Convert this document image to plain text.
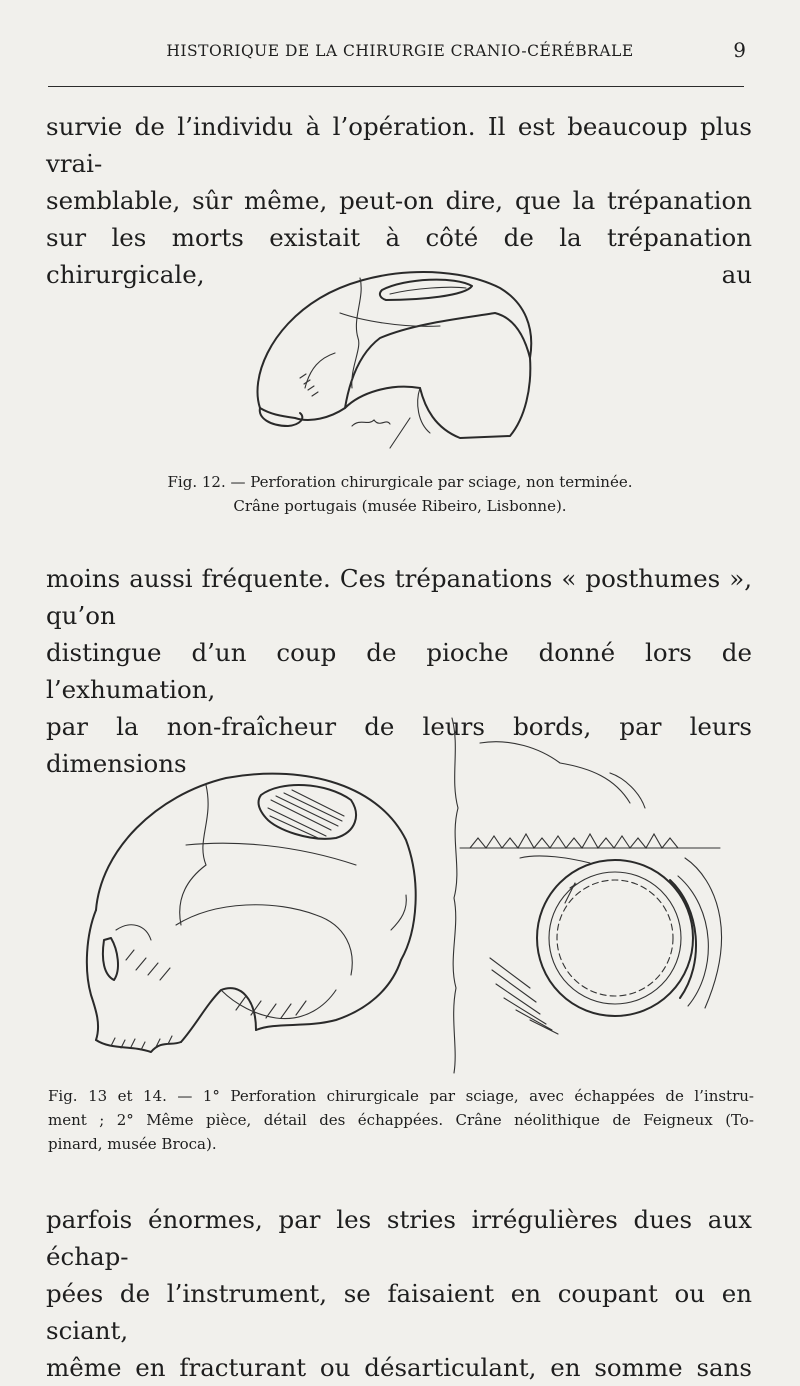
HISTORIQUE DE LA CHIRURGIE CRANIO-CÉRÉBRALE	9

survie de l’individu à l’opération. Il est beaucoup plus vrai-
semblable, sûr même, peut-on dire, que la trépanation
sur les morts existait à côté de la trépanation chirurgicale, au

Fig. 12. — Perforation chirurgicale par sciage, non terminée.
Crâne portugais (musée Ribeiro, Lisbonne).

moins aussi fréquente. Ces trépanations « posthumes », qu’on
distingue d’un coup de pioche donné lors de l’exhumation,
par la non-fraîcheur de leurs bords, par leurs dimensions

Fig. 13 et 14. — 1° Perforation chirurgicale par sciage, avec échappées de l’instru-
ment ; 2° Même pièce, détail des échappées. Crâne néolithique de Feigneux (To-
pinard, musée Broca).

parfois énormes, par les stries irrégulières dues aux échap-
pées de l’instrument, se faisaient en coupant ou en sciant,
même en fracturant ou désarticulant, en somme sans
